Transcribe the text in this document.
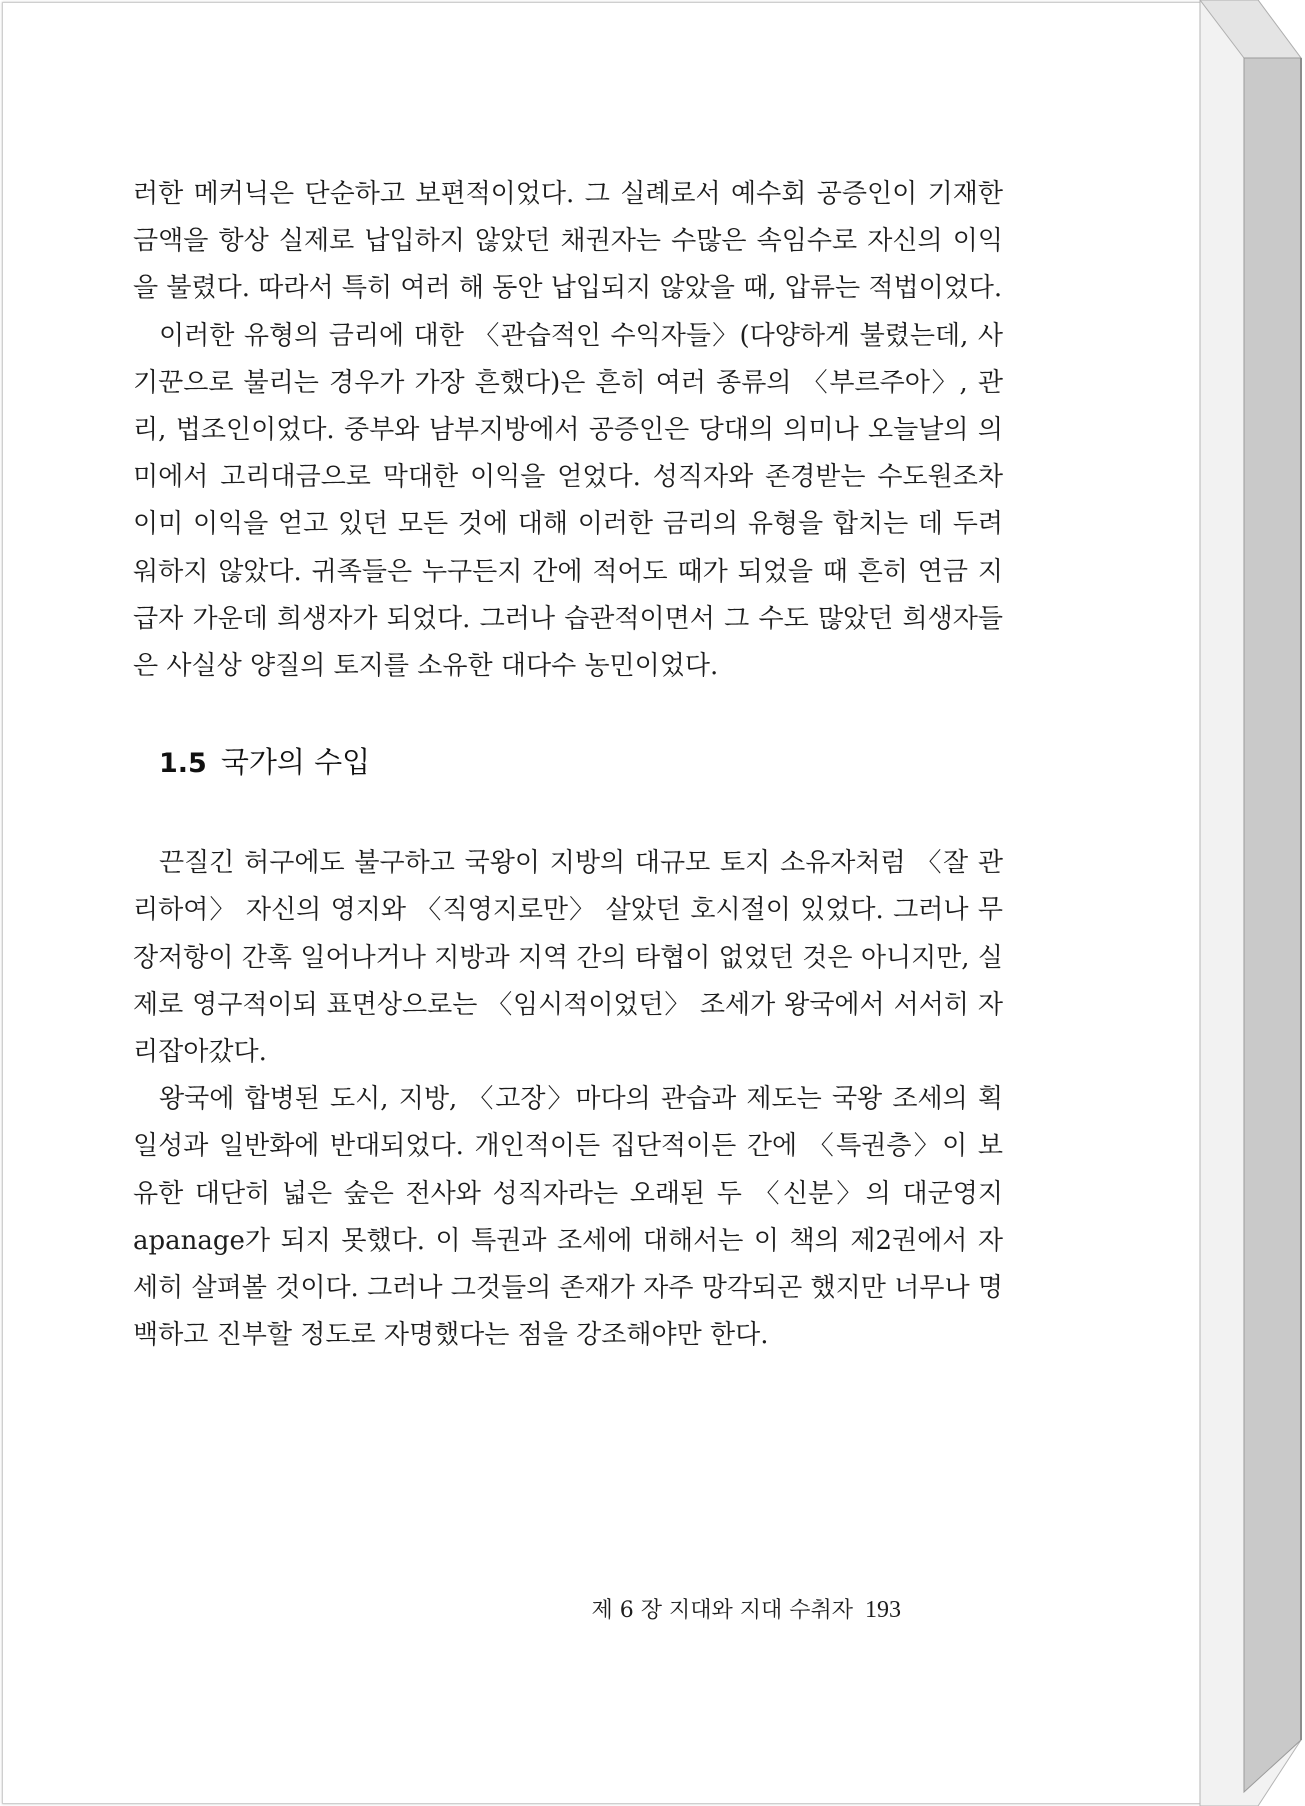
러한 메커닉은 단순하고 보편적이었다. 그 실례로서 예수회 공증인이 기재한 금액을 항상 실제로 납입하지 않았던 채권자는 수많은 속임수로 자신의 이익을 불렸다. 따라서 특히 여러 해 동안 납입되지 않았을 때, 압류는 적법이었다.

이러한 유형의 금리에 대한 〈관습적인 수익자들〉(다양하게 불렸는데, 사기꾼으로 불리는 경우가 가장 흔했다)은 흔히 여러 종류의 〈부르주아〉, 관리, 법조인이었다. 중부와 남부지방에서 공증인은 당대의 의미나 오늘날의 의미에서 고리대금으로 막대한 이익을 얻었다. 성직자와 존경받는 수도원조차 이미 이익을 얻고 있던 모든 것에 대해 이러한 금리의 유형을 합치는 데 두려워하지 않았다. 귀족들은 누구든지 간에 적어도 때가 되었을 때 흔히 연금 지급자 가운데 희생자가 되었다. 그러나 습관적이면서 그 수도 많았던 희생자들은 사실상 양질의 토지를 소유한 대다수 농민이었다.

1.5 국가의 수입

끈질긴 허구에도 불구하고 국왕이 지방의 대규모 토지 소유자처럼 〈잘 관리하여〉 자신의 영지와 〈직영지로만〉 살았던 호시절이 있었다. 그러나 무장저항이 간혹 일어나거나 지방과 지역 간의 타협이 없었던 것은 아니지만, 실제로 영구적이되 표면상으로는 〈임시적이었던〉 조세가 왕국에서 서서히 자리잡아갔다.

왕국에 합병된 도시, 지방, 〈고장〉마다의 관습과 제도는 국왕 조세의 획일성과 일반화에 반대되었다. 개인적이든 집단적이든 간에 〈특권층〉이 보유한 대단히 넓은 숲은 전사와 성직자라는 오래된 두 〈신분〉의 대군영지 apanage가 되지 못했다. 이 특권과 조세에 대해서는 이 책의 제2권에서 자세히 살펴볼 것이다. 그러나 그것들의 존재가 자주 망각되곤 했지만 너무나 명백하고 진부할 정도로 자명했다는 점을 강조해야만 한다.

제 6 장 지대와 지대 수취자 193
